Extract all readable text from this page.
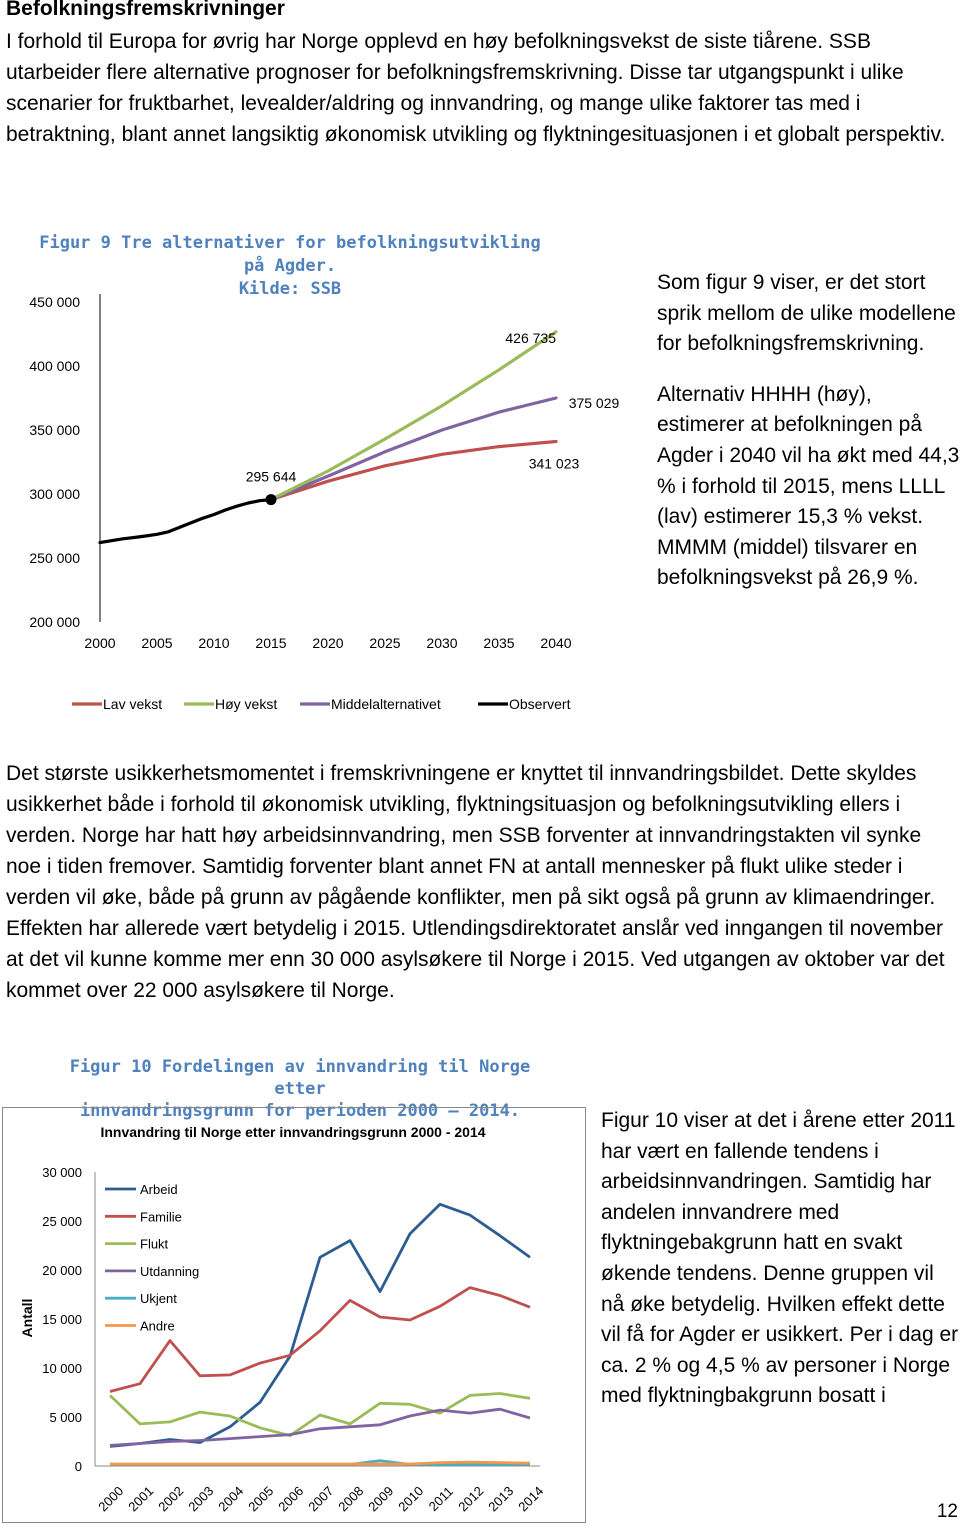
Befolkningsfremskrivninger

I forhold til Europa for øvrig har Norge opplevd en høy befolkningsvekst de siste tiårene. SSB utarbeider flere alternative prognoser for befolkningsfremskrivning. Disse tar utgangspunkt i ulike scenarier for fruktbarhet, levealder/aldring og innvandring, og mange ulike faktorer tas med i betraktning, blant annet langsiktig økonomisk utvikling og flyktningesituasjonen i et globalt perspektiv.

Figur 9 Tre alternativer for befolkningsutvikling på Agder.
Kilde: SSB
200 000
250 000
300 000
350 000
400 000
450 000
2000 2005 2010 2015 2020 2025 2030 2035 2040
426 735
375 029
341 023
295 644
Lav vekst	Høy vekst	Middelalternativet	Observert

Som figur 9 viser, er det stort sprik mellom de ulike modellene for befolkningsfremskrivning.

Alternativ HHHH (høy), estimerer at befolkningen på Agder i 2040 vil ha økt med 44,3 % i forhold til 2015, mens LLLL (lav) estimerer 15,3 % vekst. MMMM (middel) tilsvarer en befolkningsvekst på 26,9 %.

Det største usikkerhetsmomentet i fremskrivningene er knyttet til innvandringsbildet. Dette skyldes usikkerhet både i forhold til økonomisk utvikling, flyktningsituasjon og befolkningsutvikling ellers i verden. Norge har hatt høy arbeidsinnvandring, men SSB forventer at innvandringstakten vil synke noe i tiden fremover. Samtidig forventer blant annet FN at antall mennesker på flukt ulike steder i verden vil øke, både på grunn av pågående konflikter, men på sikt også på grunn av klimaendringer. Effekten har allerede vært betydelig i 2015. Utlendingsdirektoratet anslår ved inngangen til november at det vil kunne komme mer enn 30 000 asylsøkere til Norge i 2015. Ved utgangen av oktober var det kommet over 22 000 asylsøkere til Norge.

Figur 10 Fordelingen av innvandring til Norge etter
innvandringsgrunn for perioden 2000 – 2014.
Innvandring til Norge etter innvandringsgrunn 2000 - 2014
Antall
0
5 000
10 000
15 000
20 000
25 000
30 000
2000
2001
2002
2003
2004
2005
2006
2007
2008
2009
2010 2011 2012
2013
2014
Arbeid
Familie
Flukt
Utdanning
Ukjent
Andre
Figur 10 viser at det i årene etter 2011 har vært en fallende tendens i arbeidsinnvandringen. Samtidig har andelen innvandrere med flyktningebakgrunn hatt en svakt økende tendens. Denne gruppen vil nå øke betydelig. Hvilken effekt dette vil få for Agder er usikkert. Per i dag er ca. 2 % og 4,5 % av personer i Norge med flyktningbakgrunn bosatt i
12
